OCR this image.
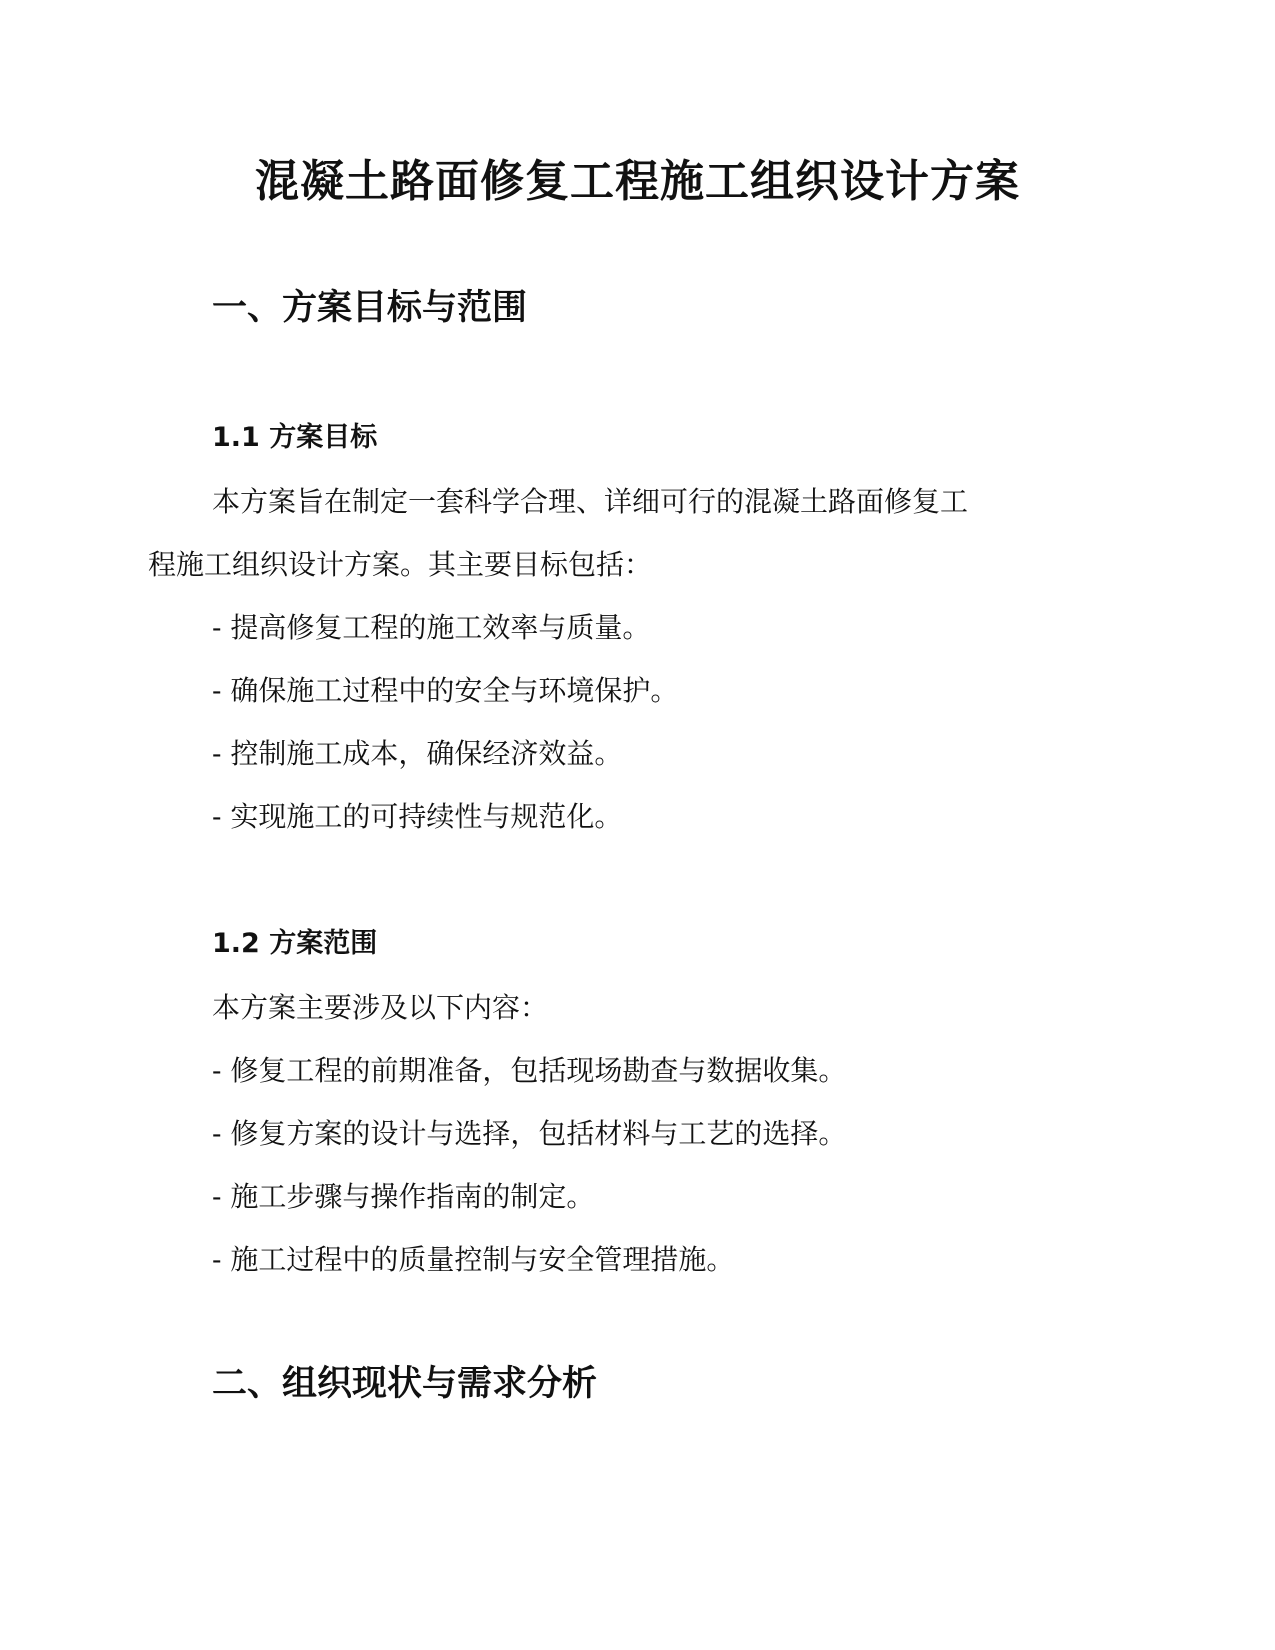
混凝土路面修复工程施工组织设计方案
一、方案目标与范围
1.1 方案目标

本方案旨在制定一套科学合理、详细可行的混凝土路面修复工

程施工组织设计方案。其主要目标包括：

- 提高修复工程的施工效率与质量。

- 确保施工过程中的安全与环境保护。

- 控制施工成本，确保经济效益。

- 实现施工的可持续性与规范化。

1.2 方案范围

本方案主要涉及以下内容：

- 修复工程的前期准备，包括现场勘查与数据收集。

- 修复方案的设计与选择，包括材料与工艺的选择。

- 施工步骤与操作指南的制定。

- 施工过程中的质量控制与安全管理措施。

二、组织现状与需求分析
